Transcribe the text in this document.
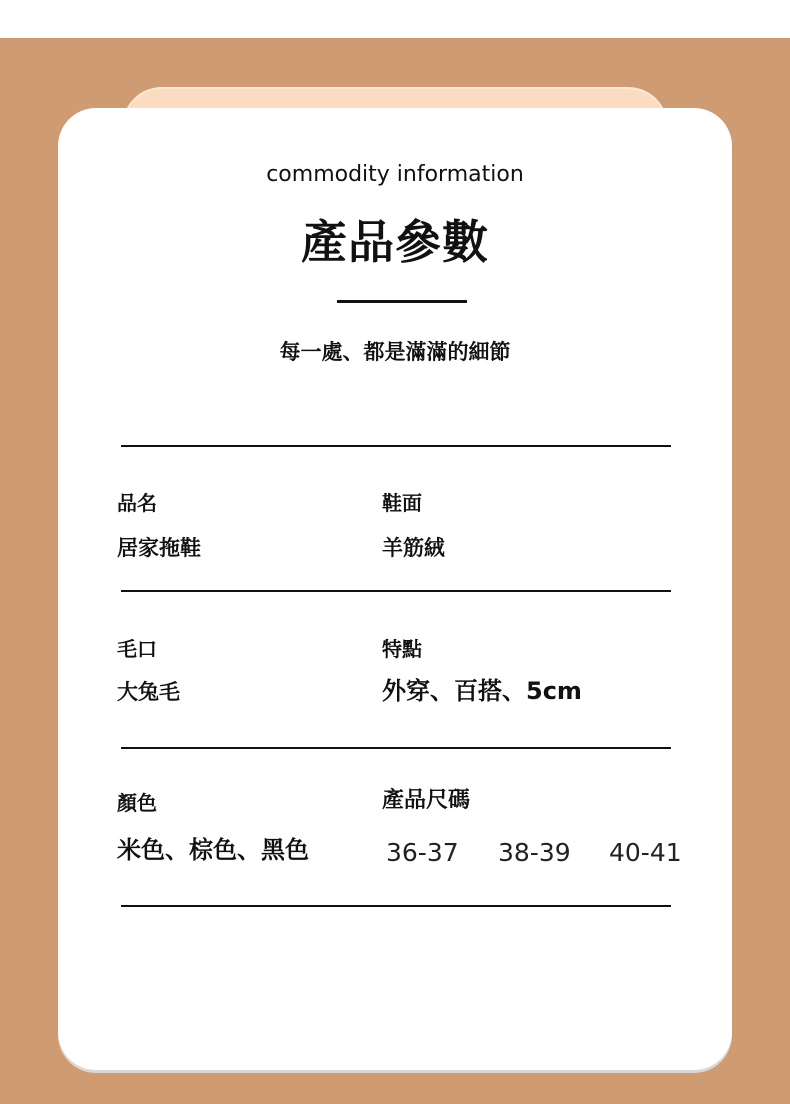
commodity information
產品參數
每一處、都是滿滿的細節
品名
居家拖鞋
鞋面
羊筋絨
毛口
大兔毛
特點
外穿、百搭、5cm
顏色
米色、棕色、黑色
產品尺碼
36-37 38-39 40-41
